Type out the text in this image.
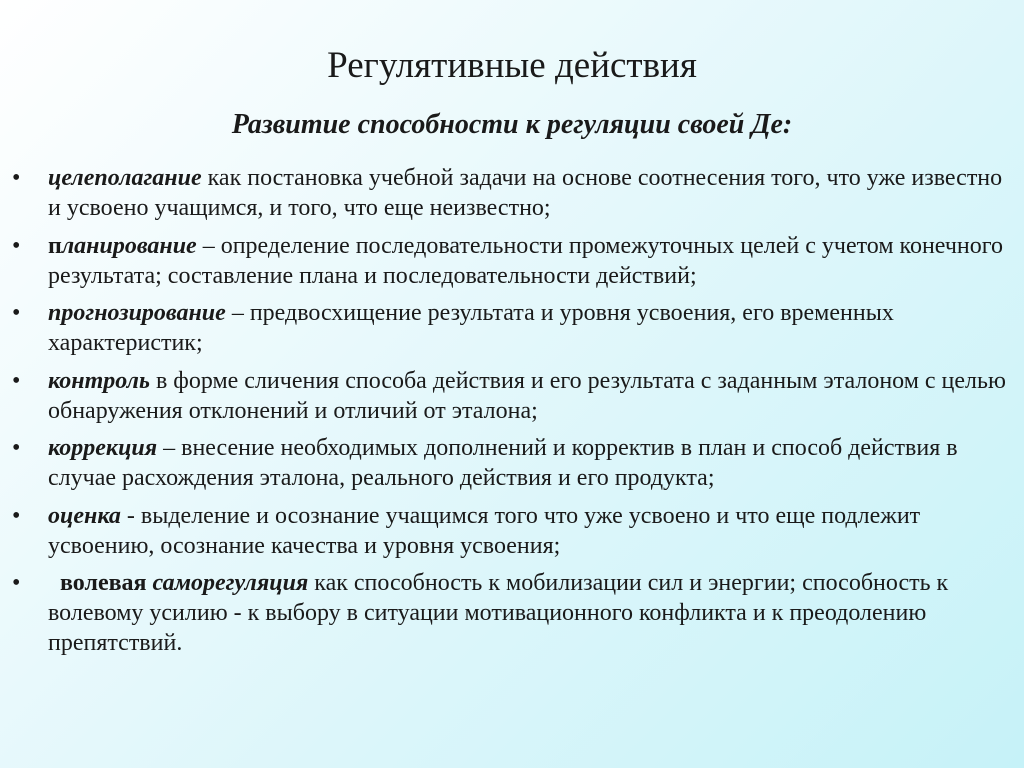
Регулятивные действия
Развитие способности к регуляции своей Де:
•	целеполагание как постановка учебной задачи на основе соотнесения того, что уже известно и усвоено учащимся, и того, что еще неизвестно;
•	планирование – определение последовательности промежуточных целей с учетом конечного результата; составление плана и последовательности действий;
•	прогнозирование – предвосхищение результата и уровня усвоения, его временных характеристик;
•	контроль в форме сличения способа действия и его результата с заданным эталоном с целью обнаружения отклонений и отличий от эталона;
•	коррекция – внесение необходимых дополнений и корректив в план и способ действия в случае расхождения эталона, реального действия и его продукта;
•	оценка - выделение и осознание учащимся того что уже усвоено и что еще подлежит усвоению, осознание качества и уровня усвоения;
•	волевая саморегуляция как способность к мобилизации сил и энергии; способность к волевому усилию - к выбору в ситуации мотивационного конфликта и к преодолению препятствий.
